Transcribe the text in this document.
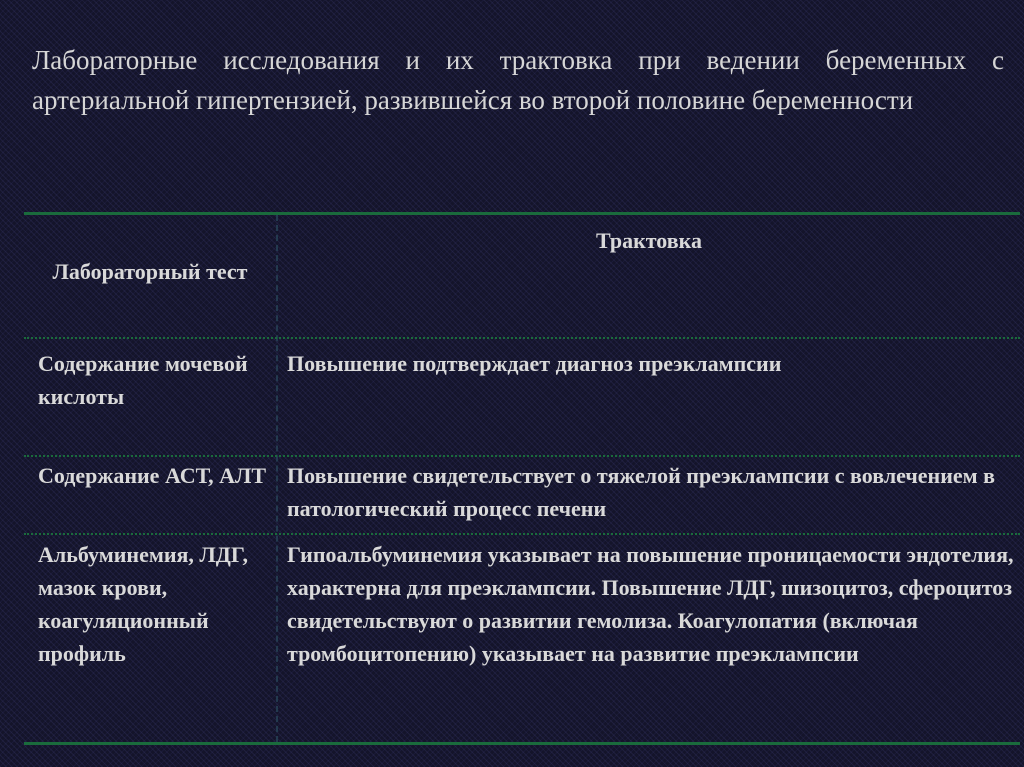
Лабораторные исследования и их трактовка при ведении беременных с артериальной гипертензией, развившейся во второй половине беременности
Лабораторный тест
Трактовка
Содержание мочевой кислоты
Повышение подтверждает диагноз преэклампсии
Содержание АСТ, АЛТ Повышение свидетельствует о тяжелой преэклампсии с вовлечением в патологический процесс печени
Альбуминемия, ЛДГ, мазок крови, коагуляционный профиль
Гипоальбуминемия указывает на повышение проницаемости эндотелия, характерна для преэклампсии. Повышение ЛДГ, шизоцитоз, сфероцитоз свидетельствуют о развитии гемолиза. Коагулопатия (включая тромбоцитопению) указывает на развитие преэклампсии
